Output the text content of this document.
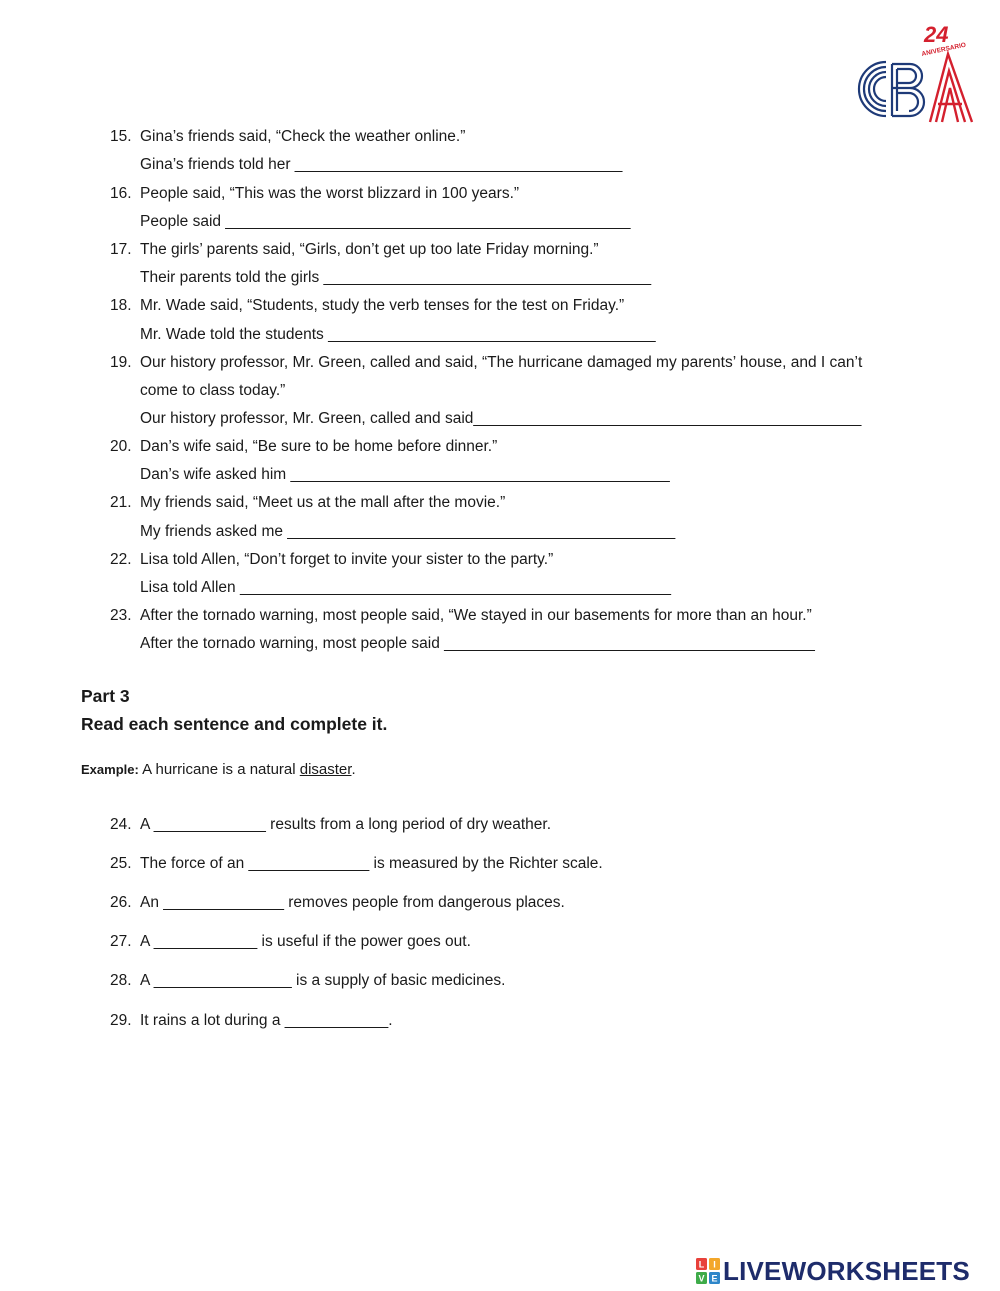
24
ANIVERSARIO
15. Gina’s friends said, “Check the weather online.”
Gina’s friends told her ______________________________________
16. People said, “This was the worst blizzard in 100 years.”
People said _______________________________________________
17. The girls’ parents said, “Girls, don’t get up too late Friday morning.”
Their parents told the girls ______________________________________
18. Mr. Wade said, “Students, study the verb tenses for the test on Friday.”
Mr. Wade told the students ______________________________________
19. Our history professor, Mr. Green, called and said, “The hurricane damaged my parents’ house, and I can’t
come to class today.”
Our history professor, Mr. Green, called and said_____________________________________________
20. Dan’s wife said, “Be sure to be home before dinner.”
Dan’s wife asked him ____________________________________________
21. My friends said, “Meet us at the mall after the movie.”
My friends asked me _____________________________________________
22. Lisa told Allen, “Don’t forget to invite your sister to the party.”
Lisa told Allen __________________________________________________
23. After the tornado warning, most people said, “We stayed in our basements for more than an hour.”
After the tornado warning, most people said ___________________________________________
Part 3
Read each sentence and complete it.
Example: A hurricane is a natural disaster.
24. A _____________ results from a long period of dry weather.
25. The force of an ______________ is measured by the Richter scale.
26. An ______________ removes people from dangerous places.
27. A ____________ is useful if the power goes out.
28. A ________________ is a supply of basic medicines.
29. It rains a lot during a ____________.
L I
V E LIVEWORKSHEETS
